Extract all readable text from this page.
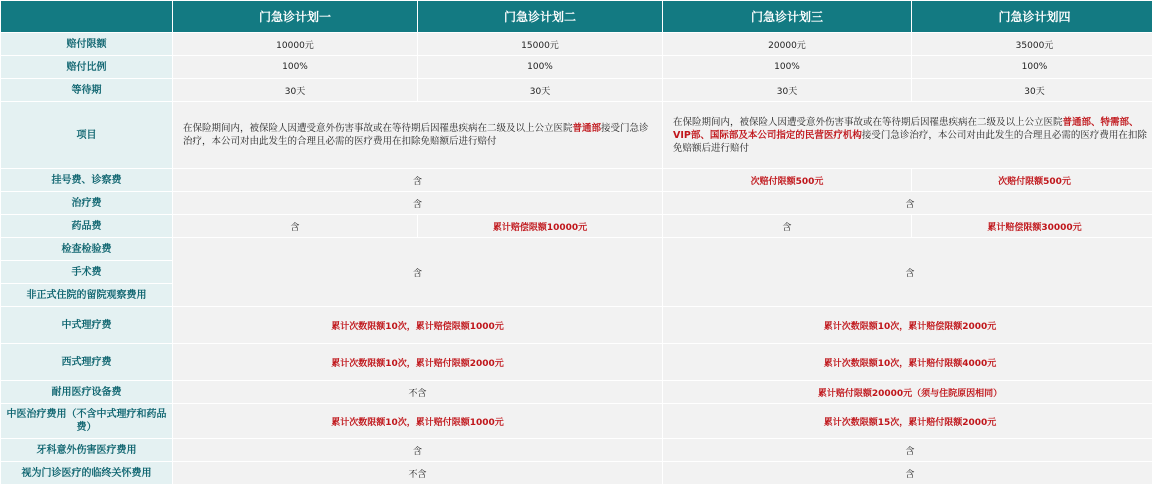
	门急诊计划一	门急诊计划二	门急诊计划三	门急诊计划四
赔付限额	10000元	15000元	20000元	35000元
赔付比例	100%	100%	100%	100%
等待期	30天	30天	30天	30天
项目	在保险期间内，被保险人因遭受意外伤害事故或在等待期后因罹患疾病在二级及以上公立医院普通部接受门急诊治疗，本公司对由此发生的合理且必需的医疗费用在扣除免赔额后进行赔付		在保险期间内，被保险人因遭受意外伤害事故或在等待期后因罹患疾病在二级及以上公立医院普通部、特需部、VIP部、国际部及本公司指定的民营医疗机构接受门急诊治疗，本公司对由此发生的合理且必需的医疗费用在扣除免赔额后进行赔付	
挂号费、诊察费	含		次赔付限额500元	次赔付限额500元
治疗费	含		含	
药品费	含	累计赔偿限额10000元	含	累计赔偿限额30000元
检查检验费	含		含	
手术费				
非正式住院的留院观察费用				
中式理疗费	累计次数限额10次，累计赔偿限额1000元		累计次数限额10次，累计赔偿限额2000元	
西式理疗费	累计次数限额10次，累计赔付限额2000元		累计次数限额10次，累计赔付限额4000元	
耐用医疗设备费	不含		累计赔付限额20000元（须与住院原因相同）	
中医治疗费用（不含中式理疗和药品费）	累计次数限额10次，累计赔付限额1000元		累计次数限额15次，累计赔付限额2000元	
牙科意外伤害医疗费用	含		含	
视为门诊医疗的临终关怀费用	不含		含	
